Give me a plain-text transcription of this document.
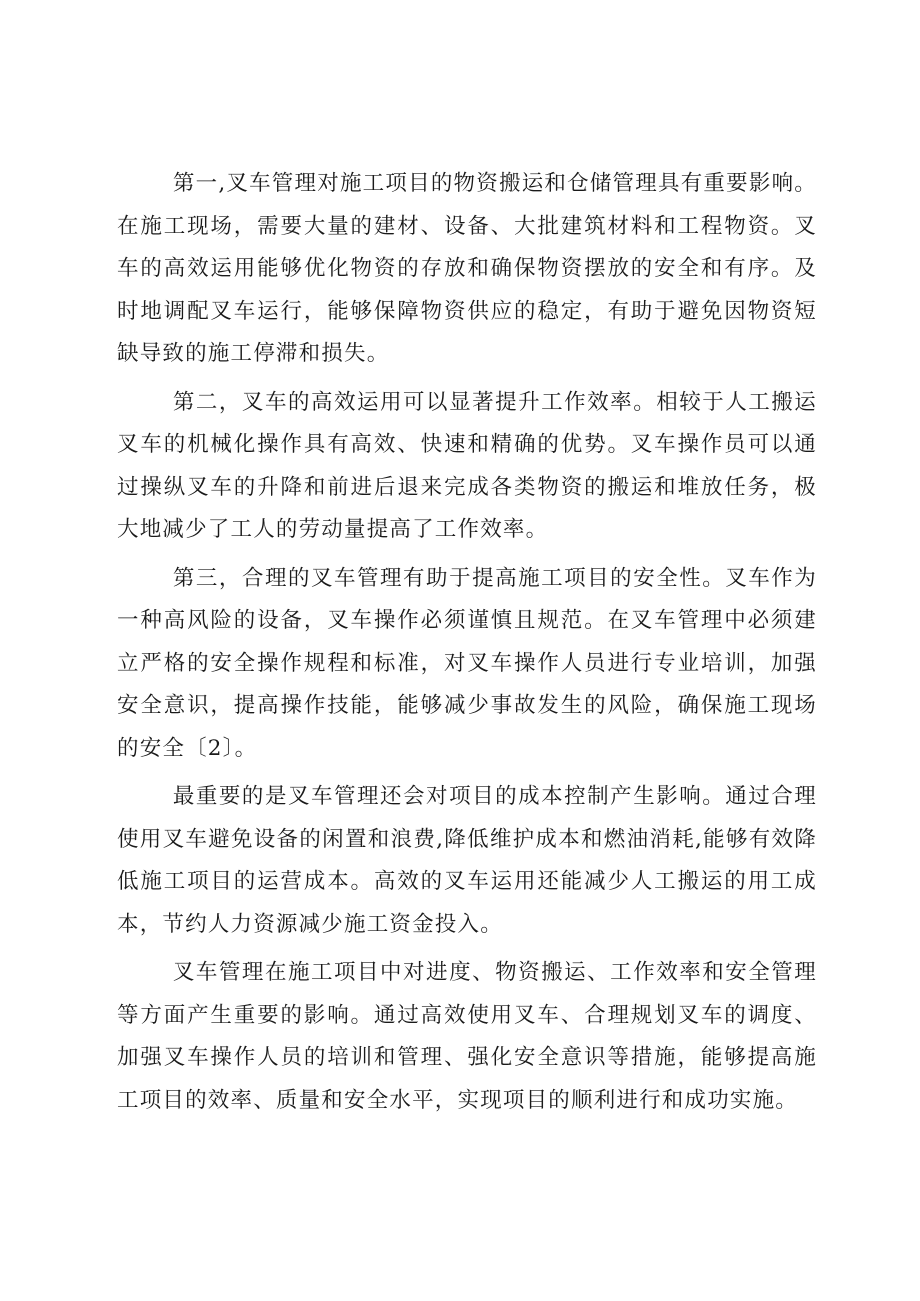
第一,叉车管理对施工项目的物资搬运和仓储管理具有重要影响。在施工现场，需要大量的建材、设备、大批建筑材料和工程物资。叉车的高效运用能够优化物资的存放和确保物资摆放的安全和有序。及时地调配叉车运行，能够保障物资供应的稳定，有助于避免因物资短缺导致的施工停滞和损失。

第二，叉车的高效运用可以显著提升工作效率。相较于人工搬运叉车的机械化操作具有高效、快速和精确的优势。叉车操作员可以通过操纵叉车的升降和前进后退来完成各类物资的搬运和堆放任务，极大地减少了工人的劳动量提高了工作效率。

第三，合理的叉车管理有助于提高施工项目的安全性。叉车作为一种高风险的设备，叉车操作必须谨慎且规范。在叉车管理中必须建立严格的安全操作规程和标准，对叉车操作人员进行专业培训，加强安全意识，提高操作技能，能够减少事故发生的风险，确保施工现场的安全〔2〕。

最重要的是叉车管理还会对项目的成本控制产生影响。通过合理使用叉车避免设备的闲置和浪费,降低维护成本和燃油消耗,能够有效降低施工项目的运营成本。高效的叉车运用还能减少人工搬运的用工成本，节约人力资源减少施工资金投入。

叉车管理在施工项目中对进度、物资搬运、工作效率和安全管理等方面产生重要的影响。通过高效使用叉车、合理规划叉车的调度、加强叉车操作人员的培训和管理、强化安全意识等措施，能够提高施工项目的效率、质量和安全水平，实现项目的顺利进行和成功实施。
